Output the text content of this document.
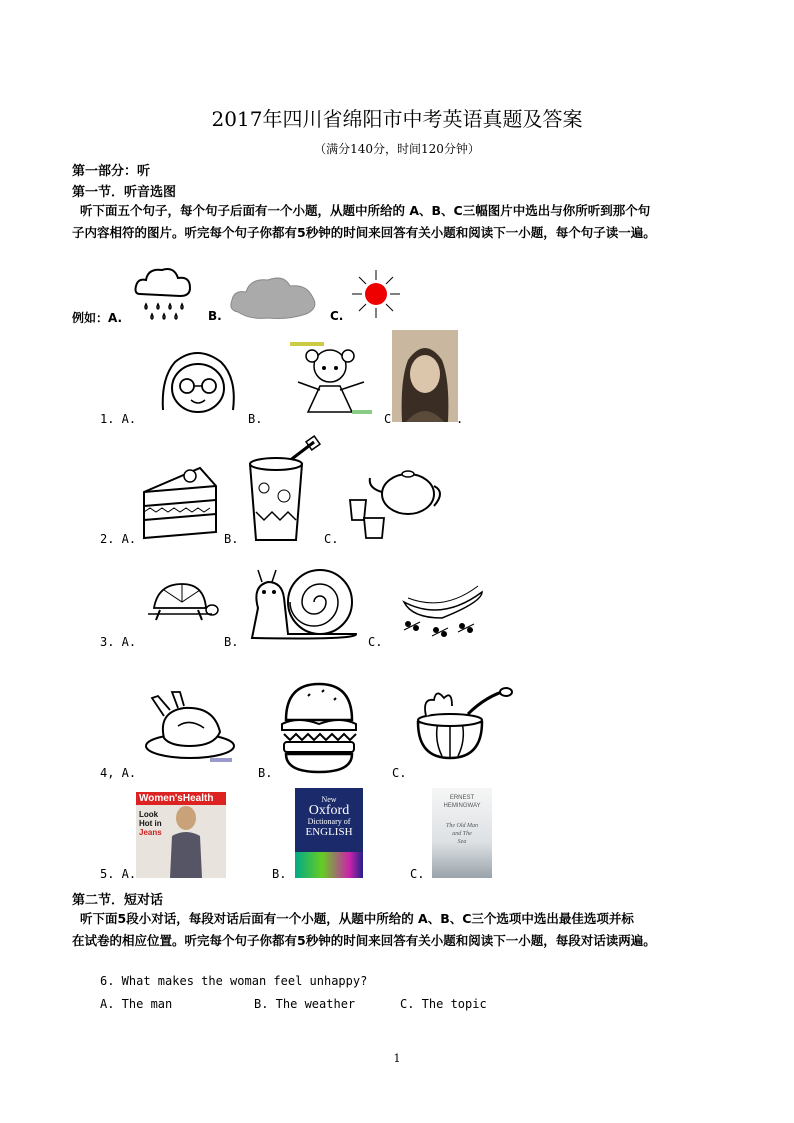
2017年四川省绵阳市中考英语真题及答案
（满分140分，时间120分钟）
第一部分：听
第一节．听音选图
听下面五个句子，每个句子后面有一个小题，从题中所给的 A、B、C三幅图片中选出与你所听到那个句
子内容相符的图片。听完每个句子你都有5秒钟的时间来回答有关小题和阅读下一小题，每个句子读一遍。
例如：A.	B.	C.
1. A.	B.	C	.
2. A.	B.	C.
3. A.	B.	C.
4, A.	B.	C.
5. A.
Women'sHealth
Look
Hot in
Jeans
B.
New
Oxford
Dictionary of
ENGLISH
C.
ERNEST
HEMINGWAY
The Old Man
and The
Sea
第二节．短对话
听下面5段小对话，每段对话后面有一个小题，从题中所给的 A、B、C三个选项中选出最佳选项并标
在试卷的相应位置。听完每个句子你都有5秒钟的时间来回答有关小题和阅读下一小题，每段对话读两遍。
6. What makes the woman feel unhappy?
A. The man	B. The weather	C. The topic
1
